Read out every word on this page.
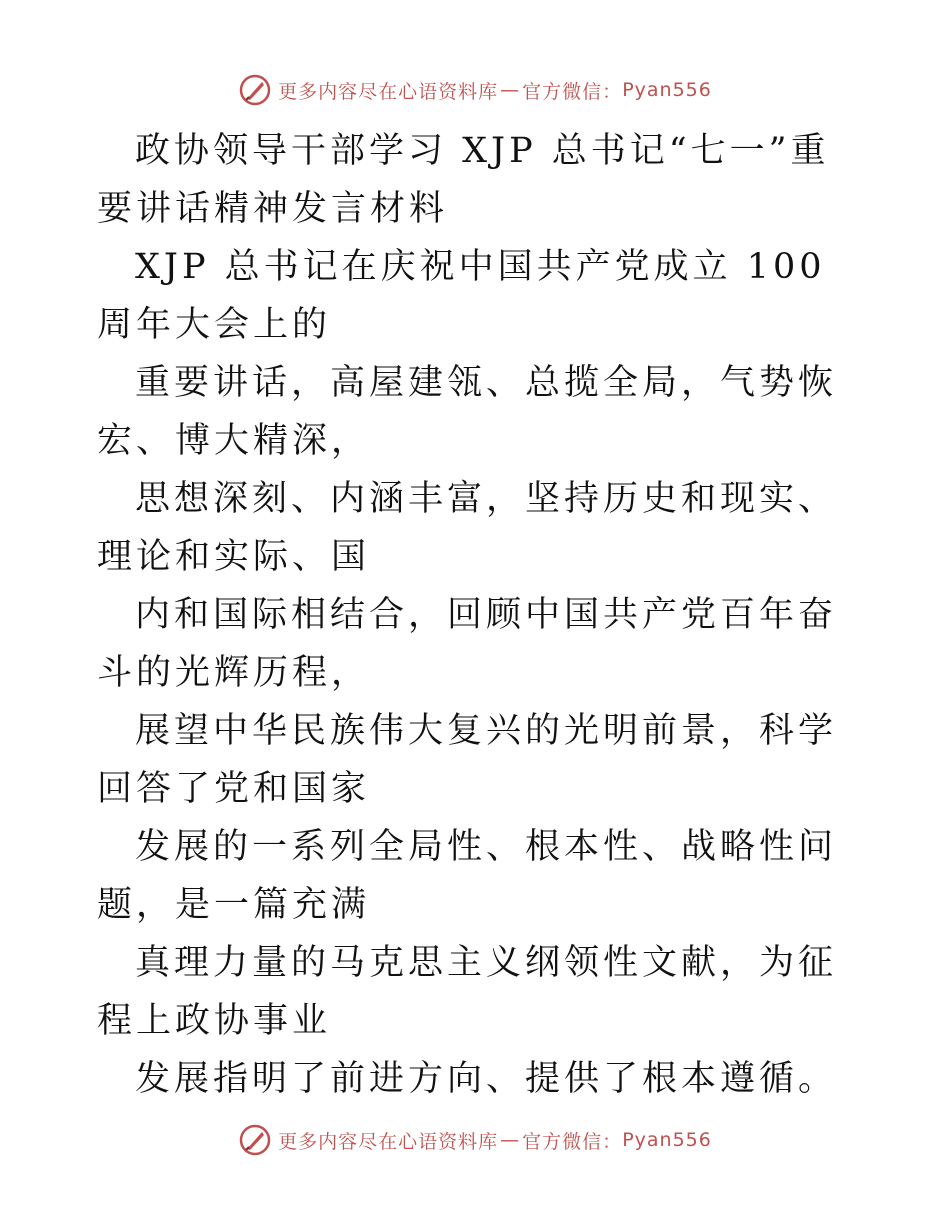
更多内容尽在心语资料库 — 官方微信： Pyan556

政协领导干部学习 XJP 总书记“七一”重要讲话精神发言材料

XJP 总书记在庆祝中国共产党成立 100 周年大会上的

重要讲话，高屋建瓴、总揽全局，气势恢宏、博大精深，

思想深刻、内涵丰富，坚持历史和现实、理论和实际、国

内和国际相结合，回顾中国共产党百年奋斗的光辉历程，

展望中华民族伟大复兴的光明前景，科学回答了党和国家

发展的一系列全局性、根本性、战略性问题，是一篇充满

真理力量的马克思主义纲领性文献，为征程上政协事业

发展指明了前进方向、提供了根本遵循。

更多内容尽在心语资料库 — 官方微信： Pyan556
